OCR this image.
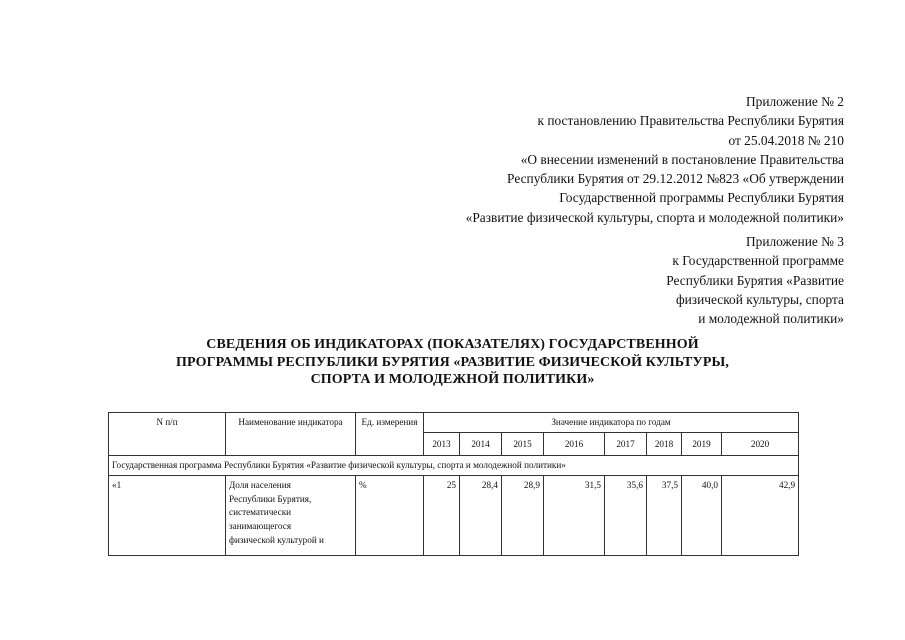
Приложение № 2
к постановлению Правительства Республики Бурятия
от 25.04.2018 № 210
«О внесении изменений в постановление Правительства
Республики Бурятия от 29.12.2012 №823 «Об утверждении
Государственной программы Республики Бурятия
«Развитие физической культуры, спорта и молодежной политики»
Приложение № 3
к Государственной программе
Республики Бурятия «Развитие
физической культуры, спорта
и молодежной политики»
СВЕДЕНИЯ ОБ ИНДИКАТОРАХ (ПОКАЗАТЕЛЯХ) ГОСУДАРСТВЕННОЙ
ПРОГРАММЫ РЕСПУБЛИКИ БУРЯТИЯ «РАЗВИТИЕ ФИЗИЧЕСКОЙ КУЛЬТУРЫ,
СПОРТА И МОЛОДЕЖНОЙ ПОЛИТИКИ»
N п/п	Наименование индикатора	Ед. измерения	Значение индикатора по годам							
			2013	2014	2015	2016	2017	2018	2019	2020
Государственная программа Республики Бурятия «Развитие физической культуры, спорта и молодежной политики»										
«1	Доля населения
Республики Бурятия,
систематически
занимающегося
физической культурой и	%	25	28,4	28,9	31,5	35,6	37,5	40,0	42,9
